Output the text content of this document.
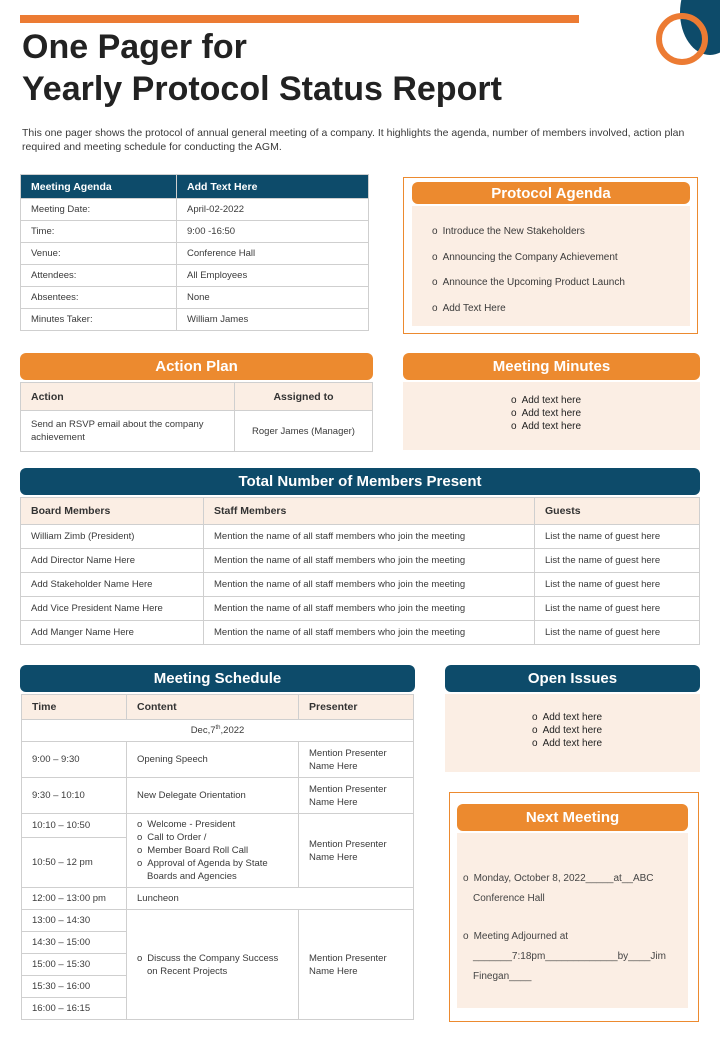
One Pager for
Yearly Protocol Status Report

This one pager shows the protocol of annual general meeting of a company. It highlights the agenda, number of members involved, action plan required and meeting schedule for conducting the AGM.

Meeting Agenda	Add Text Here
Meeting Date:	April-02-2022
Time:	9:00 -16:50
Venue:	Conference Hall
Attendees:	All Employees
Absentees:	None
Minutes Taker:	William James
Protocol Agenda
o Introduce the New Stakeholders
o Announcing the Company Achievement
o Announce the Upcoming Product Launch
o Add Text Here
Action Plan
Action	Assigned to
Send an RSVP email about the company achievement	Roger James (Manager)
Meeting Minutes
o Add text here
o Add text here
o Add text here
Total Number of Members Present
Board Members	Staff Members	Guests
William Zimb (President)	Mention the name of all staff members who join the meeting	List the name of guest here
Add Director Name Here	Mention the name of all staff members who join the meeting	List the name of guest here
Add Stakeholder Name Here	Mention the name of all staff members who join the meeting	List the name of guest here
Add Vice President Name Here	Mention the name of all staff members who join the meeting	List the name of guest here
Add Manger Name Here	Mention the name of all staff members who join the meeting	List the name of guest here
Meeting Schedule
Time	Content	Presenter
Dec,7th,2022		
9:00 – 9:30	Opening Speech	Mention Presenter Name Here
9:30 – 10:10	New Delegate Orientation	Mention Presenter Name Here
10:10 – 10:50	o Welcome - President
o Call to Order /
o Member Board Roll Call
o Approval of Agenda by State Boards and Agencies	Mention Presenter Name Here
10:50 – 12 pm		
12:00 – 13:00 pm	Luncheon	
13:00 – 14:30	o Discuss the Company Success on Recent Projects	Mention Presenter Name Here
14:30 – 15:00		
15:00 – 15:30		
15:30 – 16:00		
16:00 – 16:15		
Open Issues
o Add text here
o Add text here
o Add text here
Next Meeting
o Monday, October 8, 2022_____at__ABC
Conference Hall
o Meeting Adjourned at
_______7:18pm_____________by____Jim
Finegan____
